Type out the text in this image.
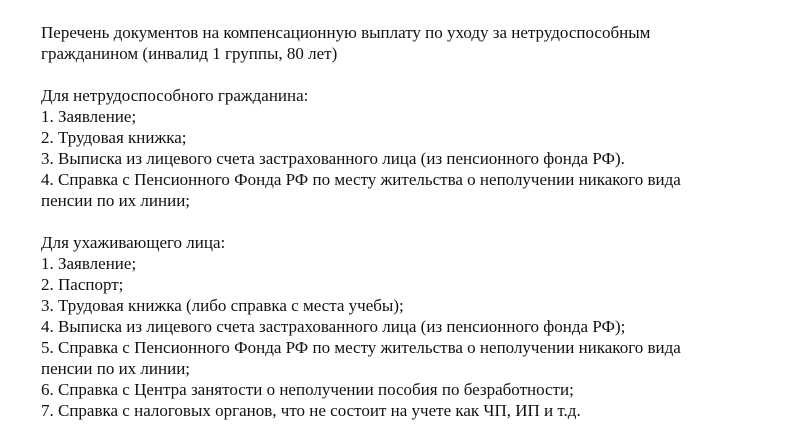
Перечень документов на компенсационную выплату по уходу за нетрудоспособным
гражданином (инвалид 1 группы, 80 лет)
Для нетрудоспособного гражданина:
1. Заявление;
2. Трудовая книжка;
3. Выписка из лицевого счета застрахованного лица (из пенсионного фонда РФ).
4. Справка с Пенсионного Фонда РФ по месту жительства о неполучении никакого вида
пенсии по их линии;
Для ухаживающего лица:
1. Заявление;
2. Паспорт;
3. Трудовая книжка (либо справка с места учебы);
4. Выписка из лицевого счета застрахованного лица (из пенсионного фонда РФ);
5. Справка с Пенсионного Фонда РФ по месту жительства о неполучении никакого вида
пенсии по их линии;
6. Справка с Центра занятости о неполучении пособия по безработности;
7. Справка с налоговых органов, что не состоит на учете как ЧП, ИП и т.д.
